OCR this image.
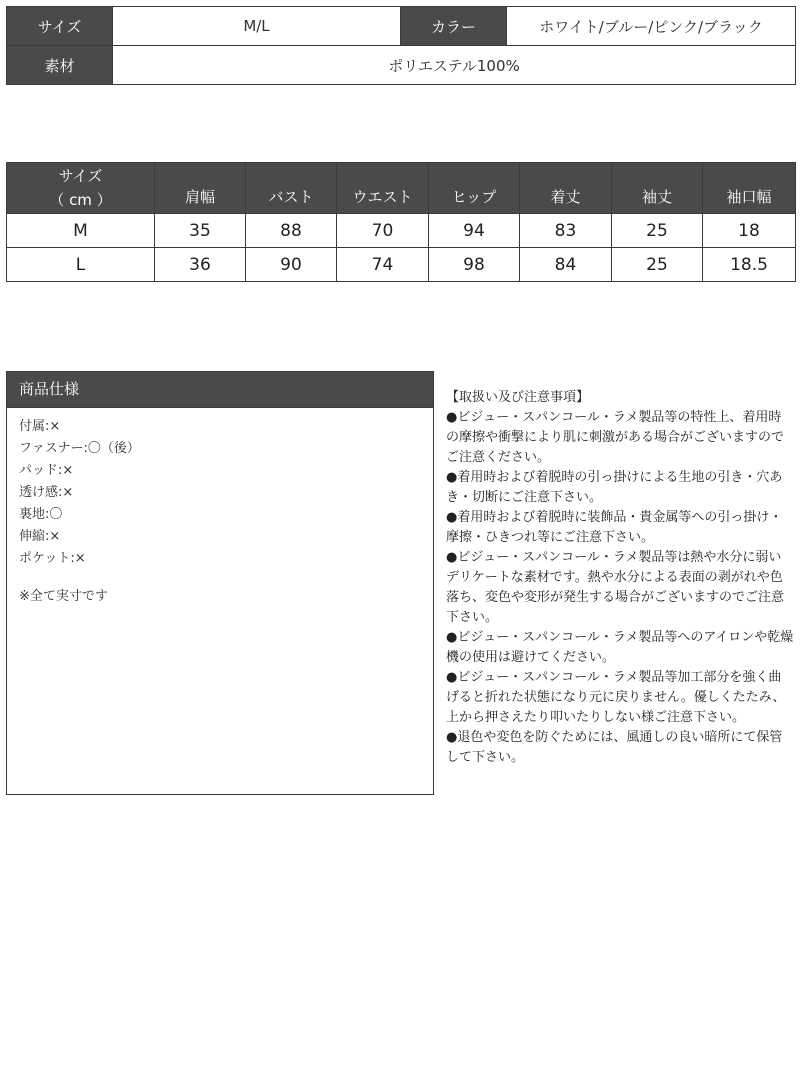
サイズ	M/L	カラー	ホワイト/ブルー/ピンク/ブラック
素材	ポリエステル100%		
サイズ
（ cm ）	肩幅	バスト	ウエスト	ヒップ	着丈	袖丈	袖口幅

M	35	88	70	94	83	25	18
L	36	90	74	98	84	25	18.5
商品仕様
付属:×
ファスナー:〇（後）
パッド:×
透け感:×
裏地:〇
伸縮:×
ポケット:×
※全て実寸です

【取扱い及び注意事項】

●ビジュー・スパンコール・ラメ製品等の特性上、着用時の摩擦や衝撃により肌に刺激がある場合がございますのでご注意ください。

●着用時および着脱時の引っ掛けによる生地の引き・穴あき・切断にご注意下さい。

●着用時および着脱時に装飾品・貴金属等への引っ掛け・摩擦・ひきつれ等にご注意下さい。

●ビジュー・スパンコール・ラメ製品等は熱や水分に弱いデリケートな素材です。熱や水分による表面の剥がれや色落ち、変色や変形が発生する場合がございますのでご注意下さい。

●ビジュー・スパンコール・ラメ製品等へのアイロンや乾燥機の使用は避けてください。

●ビジュー・スパンコール・ラメ製品等加工部分を強く曲げると折れた状態になり元に戻りません。優しくたたみ、上から押さえたり叩いたりしない様ご注意下さい。

●退色や変色を防ぐためには、風通しの良い暗所にて保管して下さい。
